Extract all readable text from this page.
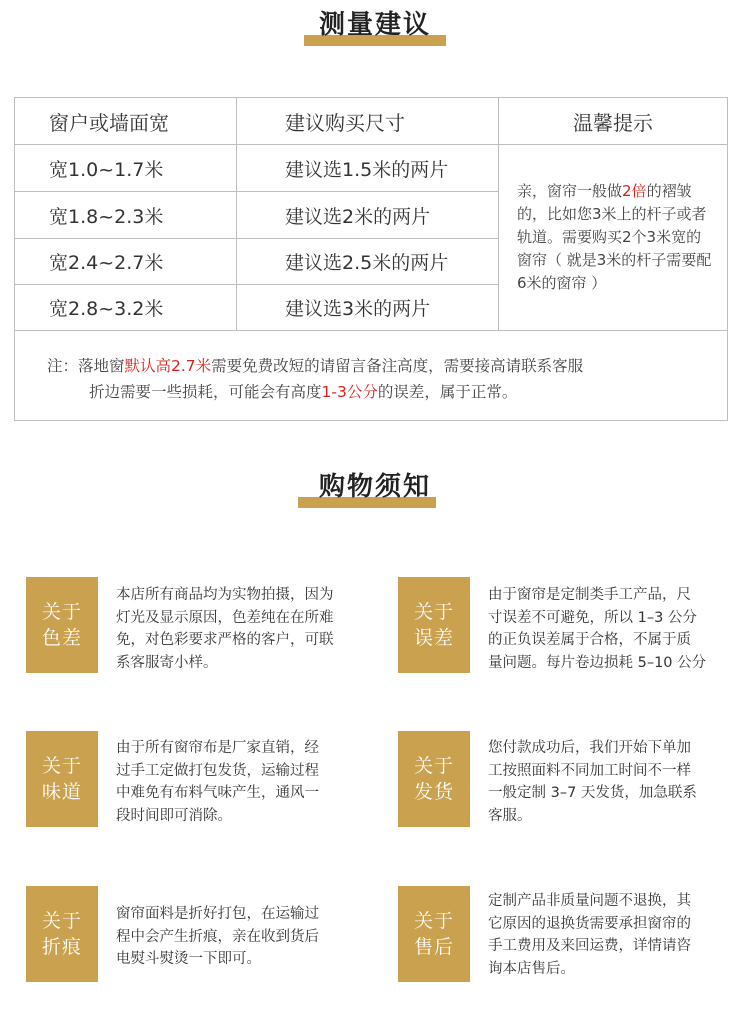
测量建议
窗户或墙面宽	建议购买尺寸	温馨提示
宽1.0~1.7米	建议选1.5米的两片
宽1.8~2.3米	建议选2米的两片
宽2.4~2.7米	建议选2.5米的两片
宽2.8~3.2米	建议选3米的两片
亲，窗帘一般做2倍的褶皱的，比如您3米上的杆子或者轨道。需要购买2个3米宽的窗帘（ 就是3米的杆子需要配6米的窗帘 ）
注：落地窗默认高2.7米需要免费改短的请留言备注高度，需要接高请联系客服
折边需要一些损耗，可能会有高度1-3公分的误差，属于正常。
购物须知
关于
色差
本店所有商品均为实物拍摄，因为
灯光及显示原因，色差纯在在所难
免，对色彩要求严格的客户，可联
系客服寄小样。
关于
误差
由于窗帘是定制类手工产品，尺
寸误差不可避免，所以 1–3 公分
的正负误差属于合格，不属于质
量问题。每片卷边损耗 5–10 公分
关于
味道
由于所有窗帘布是厂家直销，经
过手工定做打包发货，运输过程
中难免有布料气味产生，通风一
段时间即可消除。
关于
发货
您付款成功后，我们开始下单加
工按照面料不同加工时间不一样
一般定制 3–7 天发货，加急联系
客服。
关于
折痕
窗帘面料是折好打包，在运输过
程中会产生折痕，亲在收到货后
电熨斗熨烫一下即可。
关于
售后
定制产品非质量问题不退换，其
它原因的退换货需要承担窗帘的
手工费用及来回运费，详情请咨
询本店售后。
